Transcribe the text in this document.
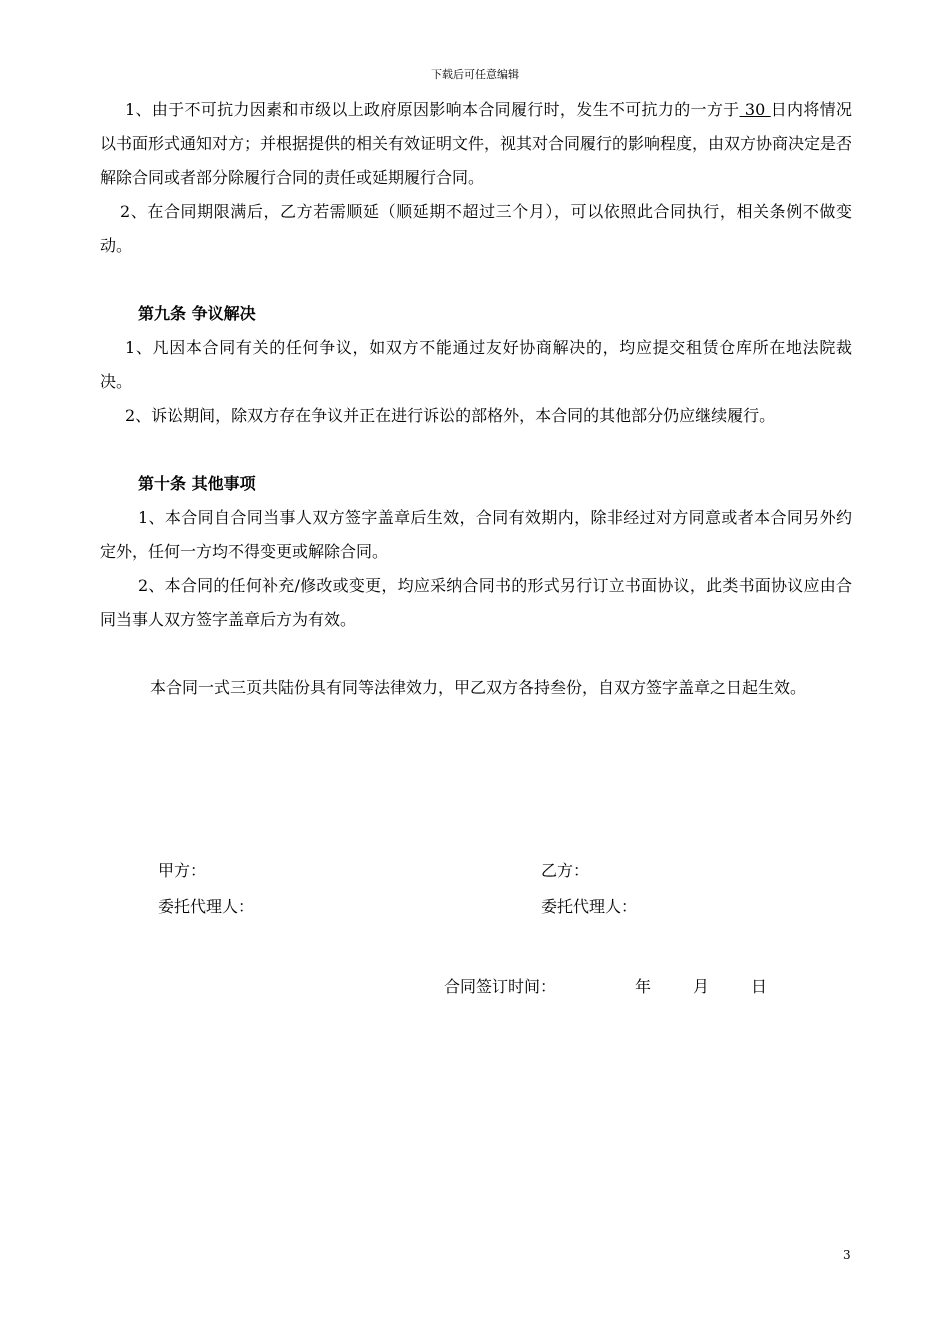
下载后可任意编辑

1、由于不可抗力因素和市级以上政府原因影响本合同履行时，发生不可抗力的一方于 30 日内将情况以书面形式通知对方；并根据提供的相关有效证明文件，视其对合同履行的影响程度，由双方协商决定是否解除合同或者部分除履行合同的责任或延期履行合同。

2、在合同期限满后，乙方若需顺延（顺延期不超过三个月），可以依照此合同执行，相关条例不做变动。

第九条 争议解决

1、凡因本合同有关的任何争议，如双方不能通过友好协商解决的，均应提交租赁仓库所在地法院裁决。

2、诉讼期间，除双方存在争议并正在进行诉讼的部格外，本合同的其他部分仍应继续履行。

第十条 其他事项

1、本合同自合同当事人双方签字盖章后生效，合同有效期内，除非经过对方同意或者本合同另外约定外，任何一方均不得变更或解除合同。

2、本合同的任何补充/修改或变更，均应采纳合同书的形式另行订立书面协议，此类书面协议应由合同当事人双方签字盖章后方为有效。

本合同一式三页共陆份具有同等法律效力，甲乙双方各持叁份，自双方签字盖章之日起生效。

甲方：	乙方：
委托代理人：	委托代理人：
合同签订时间：	年	月	日
3
